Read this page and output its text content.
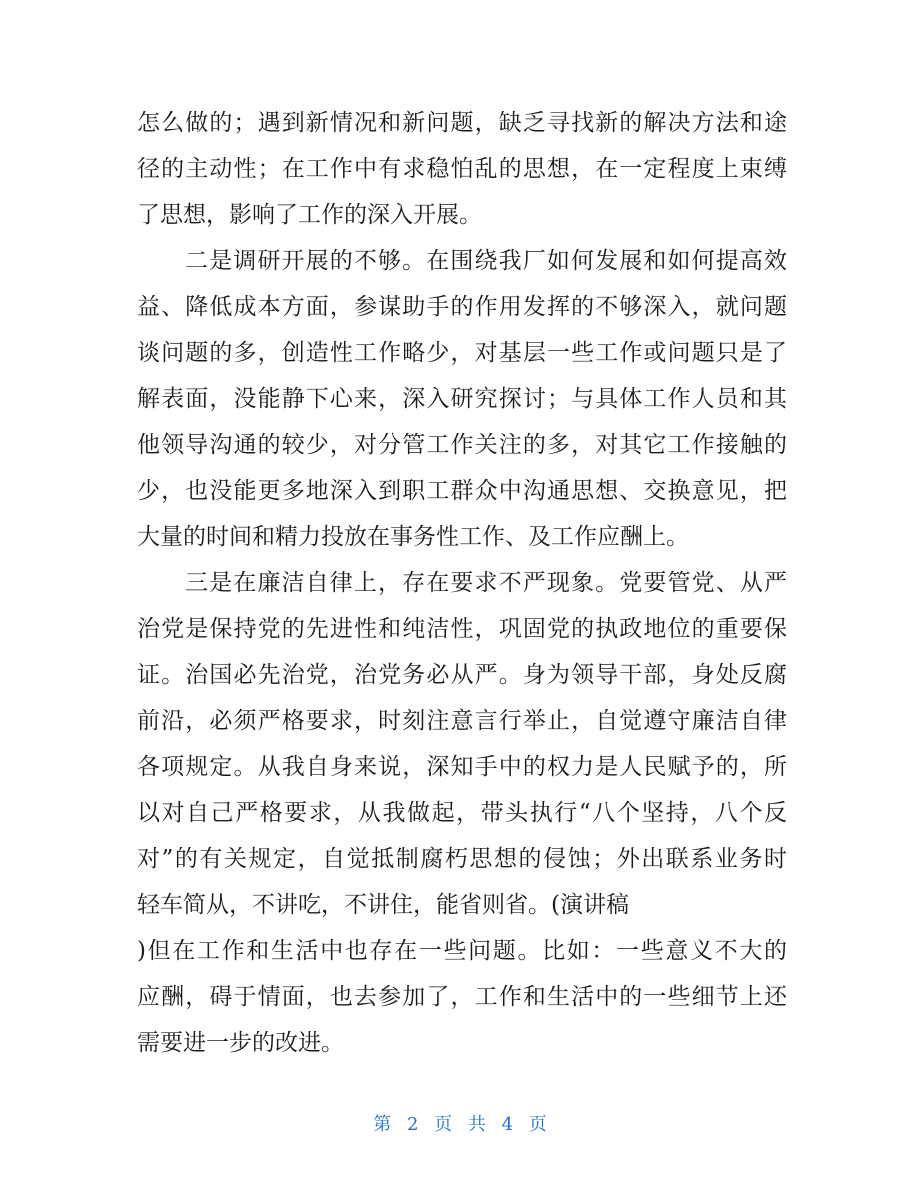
怎么做的；遇到新情况和新问题，缺乏寻找新的解决方法和途
径的主动性；在工作中有求稳怕乱的思想，在一定程度上束缚
了思想，影响了工作的深入开展。
二是调研开展的不够。在围绕我厂如何发展和如何提高效
益、降低成本方面，参谋助手的作用发挥的不够深入，就问题
谈问题的多，创造性工作略少，对基层一些工作或问题只是了
解表面，没能静下心来，深入研究探讨；与具体工作人员和其
他领导沟通的较少，对分管工作关注的多，对其它工作接触的
少，也没能更多地深入到职工群众中沟通思想、交换意见，把
大量的时间和精力投放在事务性工作、及工作应酬上。
三是在廉洁自律上，存在要求不严现象。党要管党、从严
治党是保持党的先进性和纯洁性，巩固党的执政地位的重要保
证。治国必先治党，治党务必从严。身为领导干部，身处反腐
前沿，必须严格要求，时刻注意言行举止，自觉遵守廉洁自律
各项规定。从我自身来说，深知手中的权力是人民赋予的，所
以对自己严格要求，从我做起，带头执行“八个坚持，八个反
对”的有关规定，自觉抵制腐朽思想的侵蚀；外出联系业务时
轻车简从，不讲吃，不讲住，能省则省。(演讲稿
)但在工作和生活中也存在一些问题。比如：一些意义不大的
应酬，碍于情面，也去参加了，工作和生活中的一些细节上还
需要进一步的改进。
第 2 页 共 4 页
